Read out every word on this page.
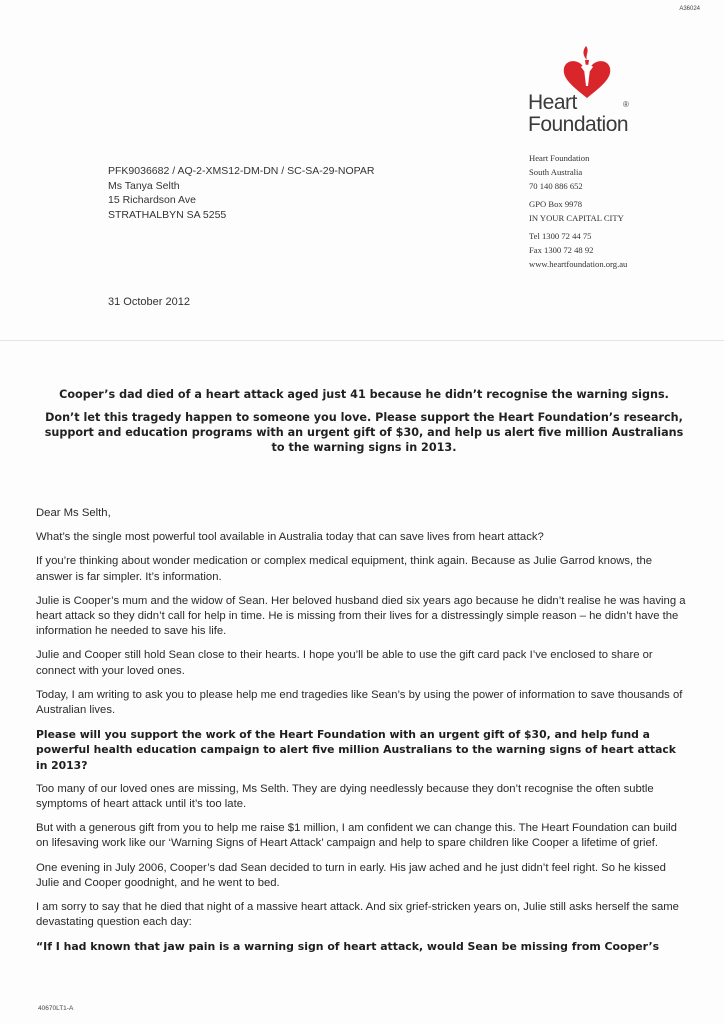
A36024
Heart
Foundation
®
Heart Foundation
South Australia
70 140 886 652
GPO Box 9978
IN YOUR CAPITAL CITY
Tel 1300 72 44 75
Fax 1300 72 48 92
www.heartfoundation.org.au
PFK9036682 / AQ-2-XMS12-DM-DN / SC-SA-29-NOPAR
Ms Tanya Selth
15 Richardson Ave
STRATHALBYN SA 5255
31 October 2012
Cooper’s dad died of a heart attack aged just 41 because he didn’t recognise the warning signs.
Don’t let this tragedy happen to someone you love. Please support the Heart Foundation’s research, support and education programs with an urgent gift of $30, and help us alert five million Australians to the warning signs in 2013.

Dear Ms Selth,

What’s the single most powerful tool available in Australia today that can save lives from heart attack?

If you’re thinking about wonder medication or complex medical equipment, think again. Because as Julie Garrod knows, the answer is far simpler. It’s information.

Julie is Cooper’s mum and the widow of Sean. Her beloved husband died six years ago because he didn’t realise he was having a heart attack so they didn’t call for help in time. He is missing from their lives for a distressingly simple reason – he didn’t have the information he needed to save his life.

Julie and Cooper still hold Sean close to their hearts. I hope you’ll be able to use the gift card pack I’ve enclosed to share or connect with your loved ones.

Today, I am writing to ask you to please help me end tragedies like Sean’s by using the power of information to save thousands of Australian lives.

Please will you support the work of the Heart Foundation with an urgent gift of $30, and help fund a powerful health education campaign to alert five million Australians to the warning signs of heart attack in 2013?

Too many of our loved ones are missing, Ms Selth. They are dying needlessly because they don’t recognise the often subtle symptoms of heart attack until it’s too late.

But with a generous gift from you to help me raise $1 million, I am confident we can change this. The Heart Foundation can build on lifesaving work like our ‘Warning Signs of Heart Attack’ campaign and help to spare children like Cooper a lifetime of grief.

One evening in July 2006, Cooper’s dad Sean decided to turn in early. His jaw ached and he just didn’t feel right. So he kissed Julie and Cooper goodnight, and he went to bed.

I am sorry to say that he died that night of a massive heart attack. And six grief-stricken years on, Julie still asks herself the same devastating question each day:

“If I had known that jaw pain is a warning sign of heart attack, would Sean be missing from Cooper’s

40670LT1-A
